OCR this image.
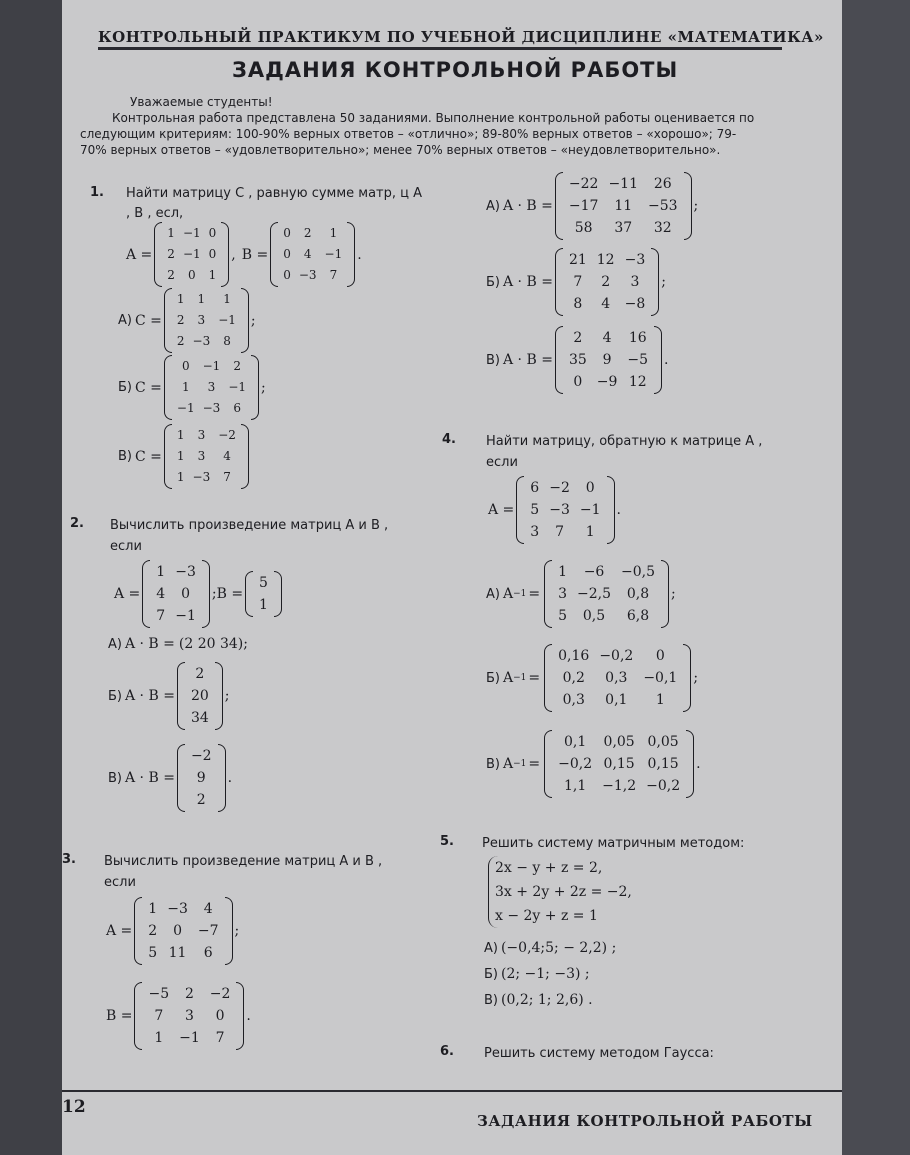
КОНТРОЛЬНЫЙ ПРАКТИКУМ ПО УЧЕБНОЙ ДИСЦИПЛИНЕ «МАТЕМАТИКА»
ЗАДАНИЯ КОНТРОЛЬНОЙ РАБОТЫ
Уважаемые студенты!
Контрольная работа представлена 50 заданиями. Выполнение контрольной работы оценивается по
следующим критериям: 100-90% верных ответов – «отлично»; 89-80% верных ответов – «хорошо»; 79-
70% верных ответов – «удовлетворительно»; менее 70% верных ответов – «неудовлетворительно».
1. Найти матрицу C , равную сумме матр, ц A
, B , есл,
A =
1	−1	0
2	−1	0
2	0	1
, B =
0	2	1
0	4	−1
0	−3	7
.
А) C =
1	1	1
2	3	−1
2	−3	8
;
Б) C =
0	−1	2
1	3	−1
−1	−3	6
;
В) C =
1	3	−2
1	3	4
1	−3	7
2. Вычислить произведение матриц A и B ,
если
A =
1	−3
4	0
7	−1
; B =
5
1
А) A · B = (2 20 34);
Б) A · B =
2
20
34
;
В) A · B =
−2
9
2
.
3. Вычислить произведение матриц A и B ,
если
A =
1	−3	4
2	0	−7
5	11	6
;
B =
−5	2	−2
7	3	0
1	−1	7
.
А) A · B =
−22	−11	26
−17	11	−53
58	37	32
;
Б) A · B =
21	12	−3
7	2	3
8	4	−8
;
В) A · B =
2	4	16
35	9	−5
0	−9	12
.
4. Найти матрицу, обратную к матрице A ,
если
A =
6	−2	0
5	−3	−1
3	7	1
.
А) A −1 =
1	−6	−0,5
3	−2,5	0,8
5	0,5	6,8
;
Б) A −1 =
0,16	−0,2	0
0,2	0,3	−0,1
0,3	0,1	1
;
В) A −1 =
0,1	0,05	0,05
−0,2	0,15	0,15
1,1	−1,2	−0,2
.
5. Решить систему матричным методом:
2x − y + z = 2,
3x + 2y + 2z = −2,
x − 2y + z = 1
А) (−0,4;5; − 2,2) ;
Б) (2; −1; −3) ;
В) (0,2; 1; 2,6) .
6. Решить систему методом Гаусса:
12
ЗАДАНИЯ КОНТРОЛЬНОЙ РАБОТЫ
